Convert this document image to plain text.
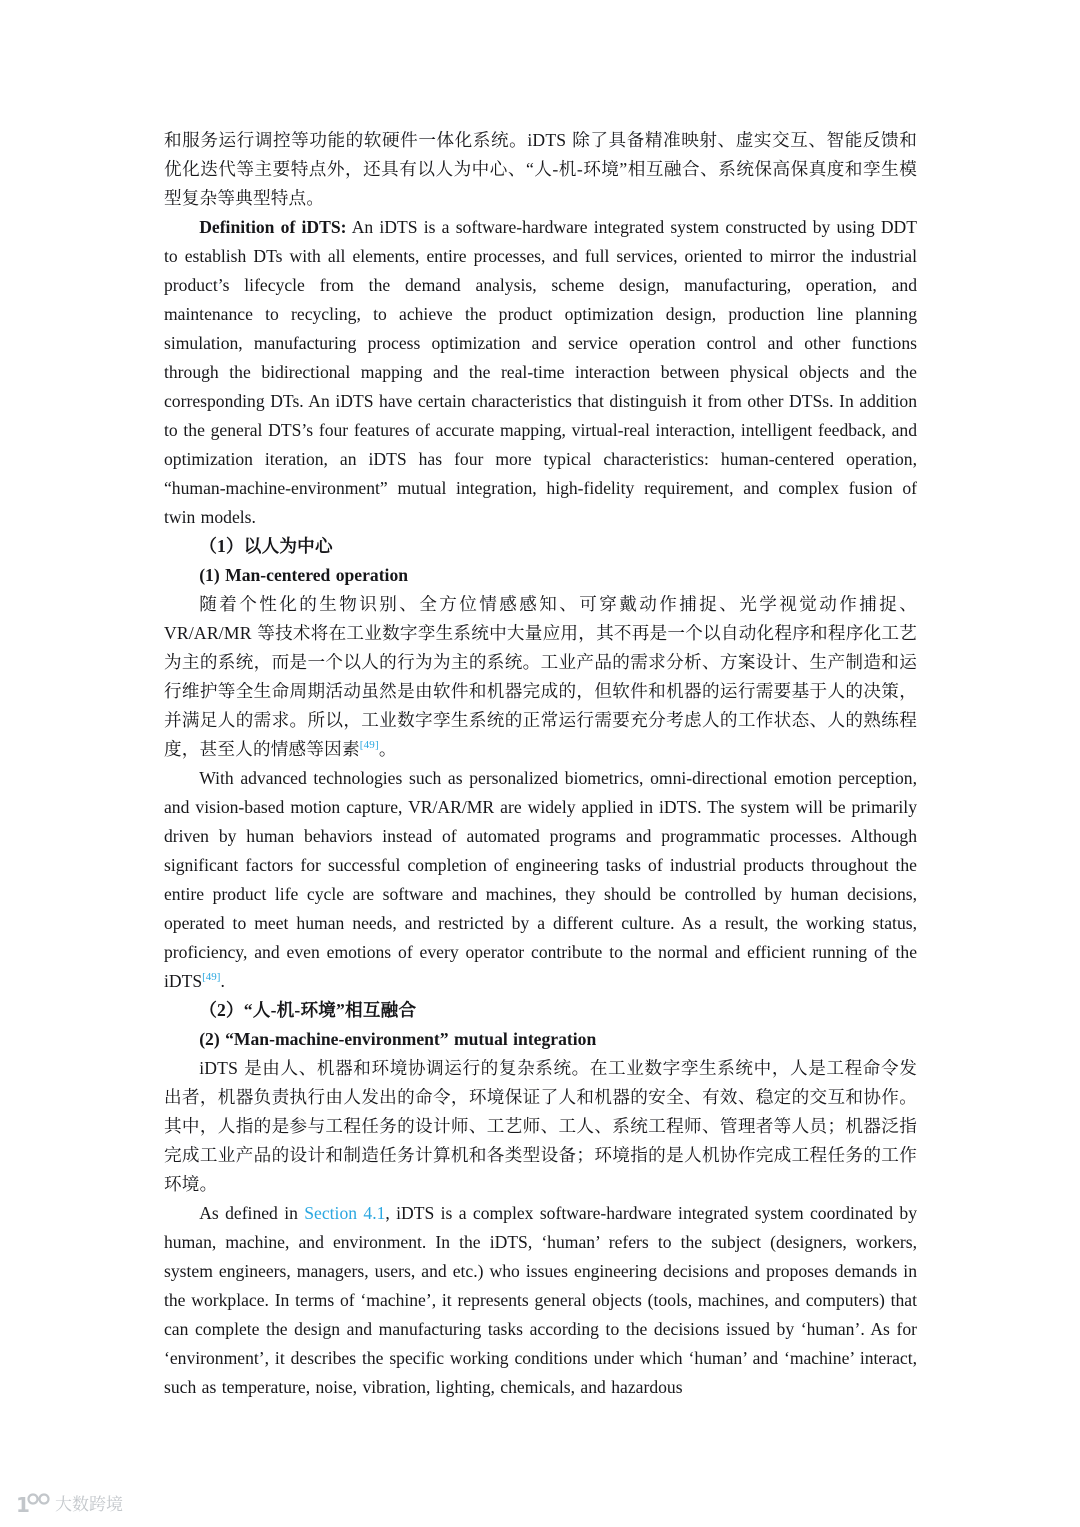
和服务运行调控等功能的软硬件一体化系统。iDTS 除了具备精准映射、虚实交互、智能反馈和优化迭代等主要特点外，还具有以人为中心、“人-机-环境”相互融合、系统保高保真度和孪生模型复杂等典型特点。

Definition of iDTS: An iDTS is a software-hardware integrated system constructed by using DDT to establish DTs with all elements, entire processes, and full services, oriented to mirror the industrial product’s lifecycle from the demand analysis, scheme design, manufacturing, operation, and maintenance to recycling, to achieve the product optimization design, production line planning simulation, manufacturing process optimization and service operation control and other functions through the bidirectional mapping and the real-time interaction between physical objects and the corresponding DTs. An iDTS have certain characteristics that distinguish it from other DTSs. In addition to the general DTS’s four features of accurate mapping, virtual-real interaction, intelligent feedback, and optimization iteration, an iDTS has four more typical characteristics: human-centered operation, “human-machine-environment” mutual integration, high-fidelity requirement, and complex fusion of twin models.

（1）以人为中心

(1) Man-centered operation

随着个性化的生物识别、全方位情感感知、可穿戴动作捕捉、光学视觉动作捕捉、VR/AR/MR 等技术将在工业数字孪生系统中大量应用，其不再是一个以自动化程序和程序化工艺为主的系统，而是一个以人的行为为主的系统。工业产品的需求分析、方案设计、生产制造和运行维护等全生命周期活动虽然是由软件和机器完成的，但软件和机器的运行需要基于人的决策，并满足人的需求。所以，工业数字孪生系统的正常运行需要充分考虑人的工作状态、人的熟练程度，甚至人的情感等因素[49]。

With advanced technologies such as personalized biometrics, omni-directional emotion perception, and vision-based motion capture, VR/AR/MR are widely applied in iDTS. The system will be primarily driven by human behaviors instead of automated programs and programmatic processes. Although significant factors for successful completion of engineering tasks of industrial products throughout the entire product life cycle are software and machines, they should be controlled by human decisions, operated to meet human needs, and restricted by a different culture. As a result, the working status, proficiency, and even emotions of every operator contribute to the normal and efficient running of the iDTS[49].

（2）“人-机-环境”相互融合

(2) “Man-machine-environment” mutual integration

iDTS 是由人、机器和环境协调运行的复杂系统。在工业数字孪生系统中，人是工程命令发出者，机器负责执行由人发出的命令，环境保证了人和机器的安全、有效、稳定的交互和协作。其中，人指的是参与工程任务的设计师、工艺师、工人、系统工程师、管理者等人员；机器泛指完成工业产品的设计和制造任务计算机和各类型设备；环境指的是人机协作完成工程任务的工作环境。

As defined in Section 4.1, iDTS is a complex software-hardware integrated system coordinated by human, machine, and environment. In the iDTS, ‘human’ refers to the subject (designers, workers, system engineers, managers, users, and etc.) who issues engineering decisions and proposes demands in the workplace. In terms of ‘machine’, it represents general objects (tools, machines, and computers) that can complete the design and manufacturing tasks according to the decisions issued by ‘human’. As for ‘environment’, it describes the specific working conditions under which ‘human’ and ‘machine’ interact, such as temperature, noise, vibration, lighting, chemicals, and hazardous

1 大数跨境
